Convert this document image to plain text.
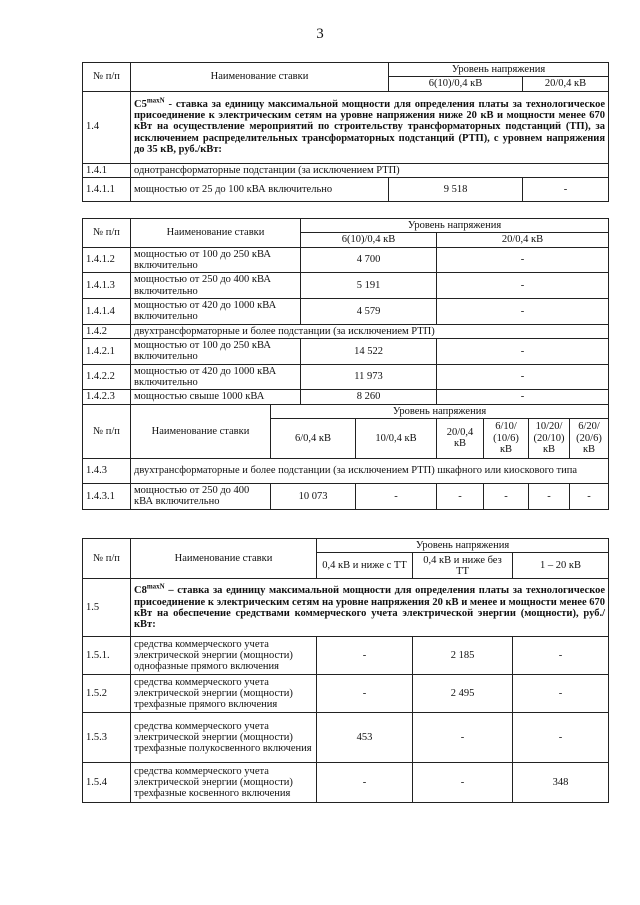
3
№ п/п	Наименование ставки	Уровень напряжения	
		6(10)/0,4 кВ	20/0,4 кВ
1.4	$C5^{maxN}$ - ставка за единицу максимальной мощности для определения платы за технологическое присоединение к электрическим сетям на уровне напряжения ниже 20 кВ и мощности менее 670 кВт на осуществление мероприятий по строительству трансформаторных подстанций (ТП), за исключением распределительных трансформаторных подстанций (РТП), с уровнем напряжения до 35 кВ, руб./кВт:		
1.4.1	однотрансформаторные подстанции (за исключением РТП)		
1.4.1.1	мощностью от 25 до 100 кВА включительно	9 518	-
№ п/п	Наименование ставки		Уровень напряжения					
			6(10)/0,4 кВ		20/0,4 кВ			
1.4.1.2	мощностью от 100 до 250 кВА включительно		4 700		-			
1.4.1.3	мощностью от 250 до 400 кВА включительно		5 191		-			
1.4.1.4	мощностью от 420 до 1000 кВА включительно		4 579		-			
1.4.2	двухтрансформаторные и более подстанции (за исключением РТП)							
1.4.2.1	мощностью от 100 до 250 кВА включительно		14 522		-			
1.4.2.2	мощностью от 420 до 1000 кВА включительно		11 973		-			
1.4.2.3	мощностью свыше 1000 кВА		8 260		-			
№ п/п	Наименование ставки	Уровень напряжения						
		6/0,4 кВ		10/0,4 кВ	20/0,4 кВ	6/10/ (10/6) кВ	10/20/ (20/10) кВ	6/20/ (20/6) кВ
1.4.3	двухтрансформаторные и более подстанции (за исключением РТП) шкафного или киоскового типа							
1.4.3.1	мощностью от 250 до 400 кВА включительно	10 073		-	-	-	-	-
№ п/п	Наименование ставки	Уровень напряжения		
		0,4 кВ и ниже с ТТ	0,4 кВ и ниже без ТТ	1 – 20 кВ
1.5	$C8^{maxN}$ – ставка за единицу максимальной мощности для определения платы за технологическое присоединение к электрическим сетям на уровне напряжения 20 кВ и менее и мощности менее 670 кВт на обеспечение средствами коммерческого учета электрической энергии (мощности), руб./кВт:			
1.5.1.	средства коммерческого учета электрической энергии (мощности) однофазные прямого включения	-	2 185	-
1.5.2	средства коммерческого учета электрической энергии (мощности) трехфазные прямого включения	-	2 495	-
1.5.3	средства коммерческого учета электрической энергии (мощности) трехфазные полукосвенного включения	453	-	-
1.5.4	средства коммерческого учета электрической энергии (мощности) трехфазные косвенного включения	-	-	348
